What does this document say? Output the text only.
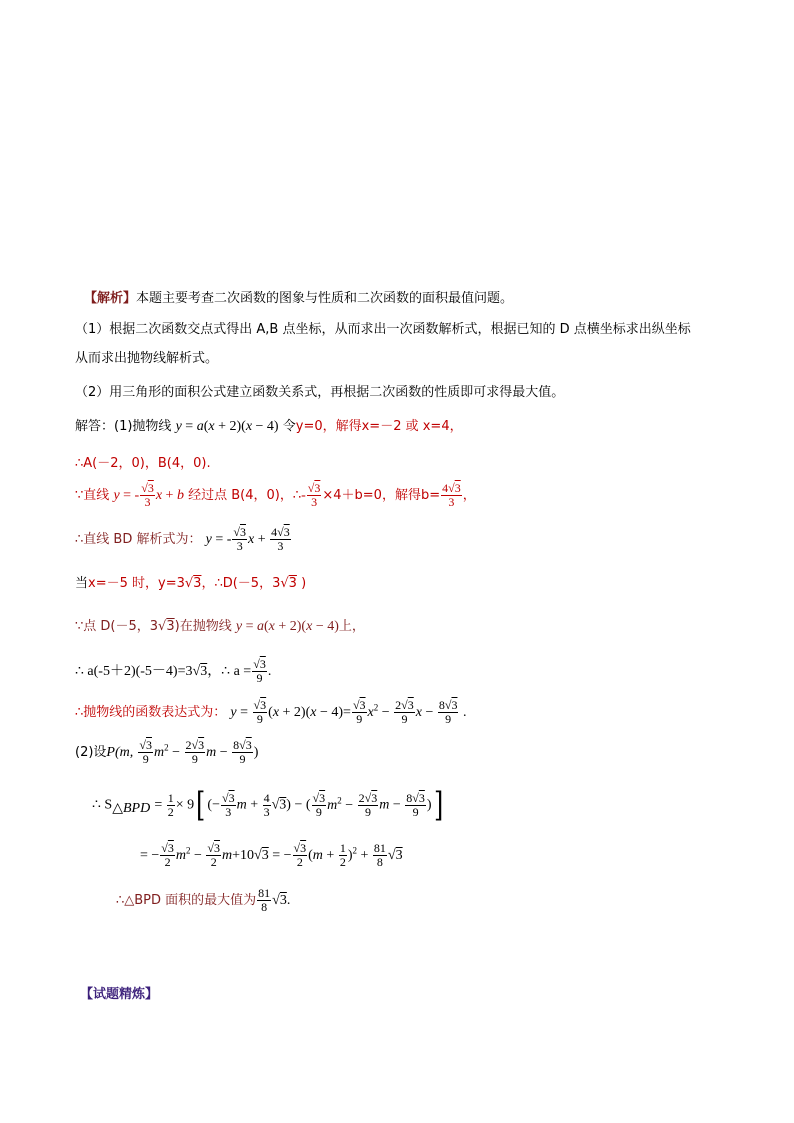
【解析】本题主要考查二次函数的图象与性质和二次函数的面积最值问题。
（1）根据二次函数交点式得出 A,B 点坐标，从而求出一次函数解析式，根据已知的 D 点横坐标求出纵坐标
从而求出抛物线解析式。
（2）用三角形的面积公式建立函数关系式，再根据二次函数的性质即可求得最大值。
解答：(1)抛物线 y = a(x + 2)(x − 4) 令y=0，解得x=－2 或 x=4，
∴A(－2，0)，B(4，0).
∵直线 y = - $\frac{√3}{3}$ x + b 经过点 B(4，0)，∴- $\frac{√3}{3} \times 4+b=0$，解得$b= \frac{4√3}{3}$ ，
∴直线 BD 解析式为： y = - $\frac{√3}{3}$ $x + \frac{4√3}{3}$
当x=－5 时，y=3√3，∴D(－5，3√3 )
∵点 D(－5，3√3)在抛物线 y = a(x + 2)(x − 4)上，
∴ a(-5＋2)(-5－4)=3√3，∴ $a = \frac{√3}{9}$ .
∴抛物线的函数表达式为： $y = \frac{√3}{9} (x + 2)(x - 4)= \frac{√3}{9} x^2 - \frac{2√3}{9}$ $x - \frac{8√3}{9}$ .
(2)设P(m, $\frac{√3}{9} m^2 - \frac{2√3}{9}$ $m - \frac{8√3}{9}$ )
∴ $S_{\triangle BPD} = \frac{1}{2} \times 9$[ (− $\frac{√3}{3}$ $m + \frac{4}{3} √3$) − ( $\frac{√3}{9} m^2 - \frac{2√3}{9}$ $m - \frac{8√3}{9}$ )]
= − $\frac{√3}{2} m^2 - \frac{√3}{2} m+10√3$ = − $\frac{√3}{2} (m + \frac{1}{2} )^2 + \frac{81}{8} √3$
∴△BPD 面积的最大值为 $\frac{81}{8} √3$.
【试题精炼】
